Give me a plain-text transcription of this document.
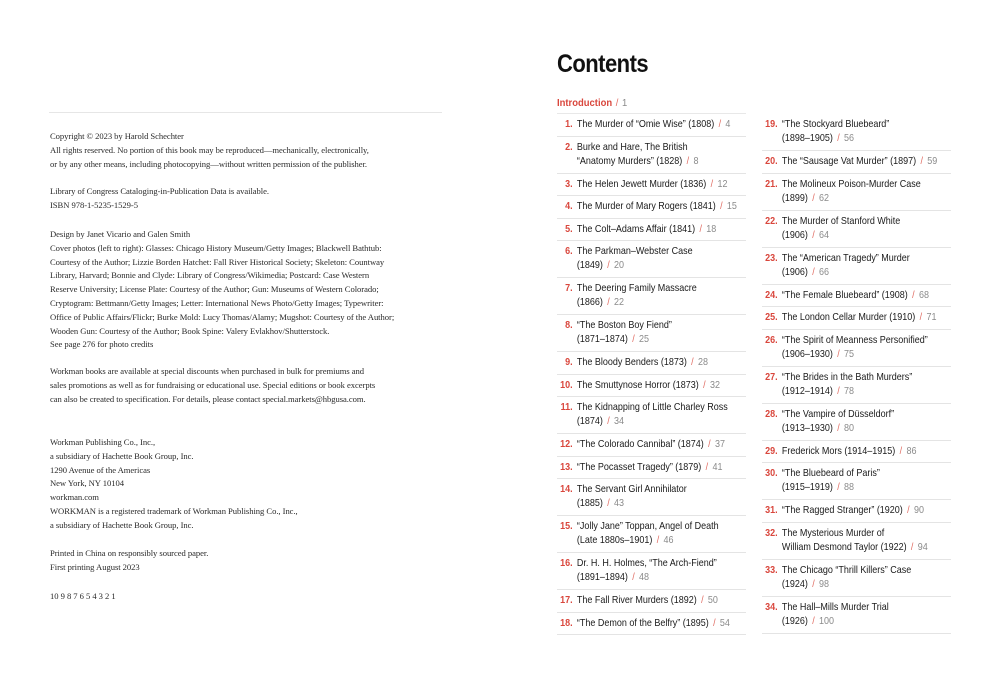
Copyright © 2023 by Harold Schechter

All rights reserved. No portion of this book may be reproduced—mechanically, electronically,

or by any other means, including photocopying—without written permission of the publisher.

Library of Congress Cataloging-in-Publication Data is available.

ISBN 978-1-5235-1529-5

Design by Janet Vicario and Galen Smith

Cover photos (left to right): Glasses: Chicago History Museum/Getty Images; Blackwell Bathtub:

Courtesy of the Author; Lizzie Borden Hatchet: Fall River Historical Society; Skeleton: Countway

Library, Harvard; Bonnie and Clyde: Library of Congress/Wikimedia; Postcard: Case Western

Reserve University; License Plate: Courtesy of the Author; Gun: Museums of Western Colorado;

Cryptogram: Bettmann/Getty Images; Letter: International News Photo/Getty Images; Typewriter:

Office of Public Affairs/Flickr; Burke Mold: Lucy Thomas/Alamy; Mugshot: Courtesy of the Author;

Wooden Gun: Courtesy of the Author; Book Spine: Valery Evlakhov/Shutterstock.

See page 276 for photo credits

Workman books are available at special discounts when purchased in bulk for premiums and

sales promotions as well as for fundraising or educational use. Special editions or book excerpts

can also be created to specification. For details, please contact special.markets@hbgusa.com.

Workman Publishing Co., Inc.,

a subsidiary of Hachette Book Group, Inc.

1290 Avenue of the Americas

New York, NY 10104

workman.com

WORKMAN is a registered trademark of Workman Publishing Co., Inc.,

a subsidiary of Hachette Book Group, Inc.

Printed in China on responsibly sourced paper.

First printing August 2023

10 9 8 7 6 5 4 3 2 1

Contents
Introduction / 1
1. The Murder of “Omie Wise” (1808) / 4
2. Burke and Hare, The British
“Anatomy Murders” (1828) / 8
3. The Helen Jewett Murder (1836) / 12
4. The Murder of Mary Rogers (1841) / 15
5. The Colt–Adams Affair (1841) / 18
6. The Parkman–Webster Case
(1849) / 20
7. The Deering Family Massacre
(1866) / 22
8. “The Boston Boy Fiend”
(1871–1874) / 25
9. The Bloody Benders (1873) / 28
10. The Smuttynose Horror (1873) / 32
11. The Kidnapping of Little Charley Ross
(1874) / 34
12. “The Colorado Cannibal” (1874) / 37
13. “The Pocasset Tragedy” (1879) / 41
14. The Servant Girl Annihilator
(1885) / 43
15. “Jolly Jane” Toppan, Angel of Death
(Late 1880s–1901) / 46
16. Dr. H. H. Holmes, “The Arch-Fiend”
(1891–1894) / 48
17. The Fall River Murders (1892) / 50
18. “The Demon of the Belfry” (1895) / 54
19. “The Stockyard Bluebeard”
(1898–1905) / 56
20. The “Sausage Vat Murder” (1897) / 59
21. The Molineux Poison-Murder Case
(1899) / 62
22. The Murder of Stanford White
(1906) / 64
23. The “American Tragedy” Murder
(1906) / 66
24. “The Female Bluebeard” (1908) / 68
25. The London Cellar Murder (1910) / 71
26. “The Spirit of Meanness Personified”
(1906–1930) / 75
27. “The Brides in the Bath Murders”
(1912–1914) / 78
28. “The Vampire of Düsseldorf”
(1913–1930) / 80
29. Frederick Mors (1914–1915) / 86
30. “The Bluebeard of Paris”
(1915–1919) / 88
31. “The Ragged Stranger” (1920) / 90
32. The Mysterious Murder of
William Desmond Taylor (1922) / 94
33. The Chicago “Thrill Killers” Case
(1924) / 98
34. The Hall–Mills Murder Trial
(1926) / 100
